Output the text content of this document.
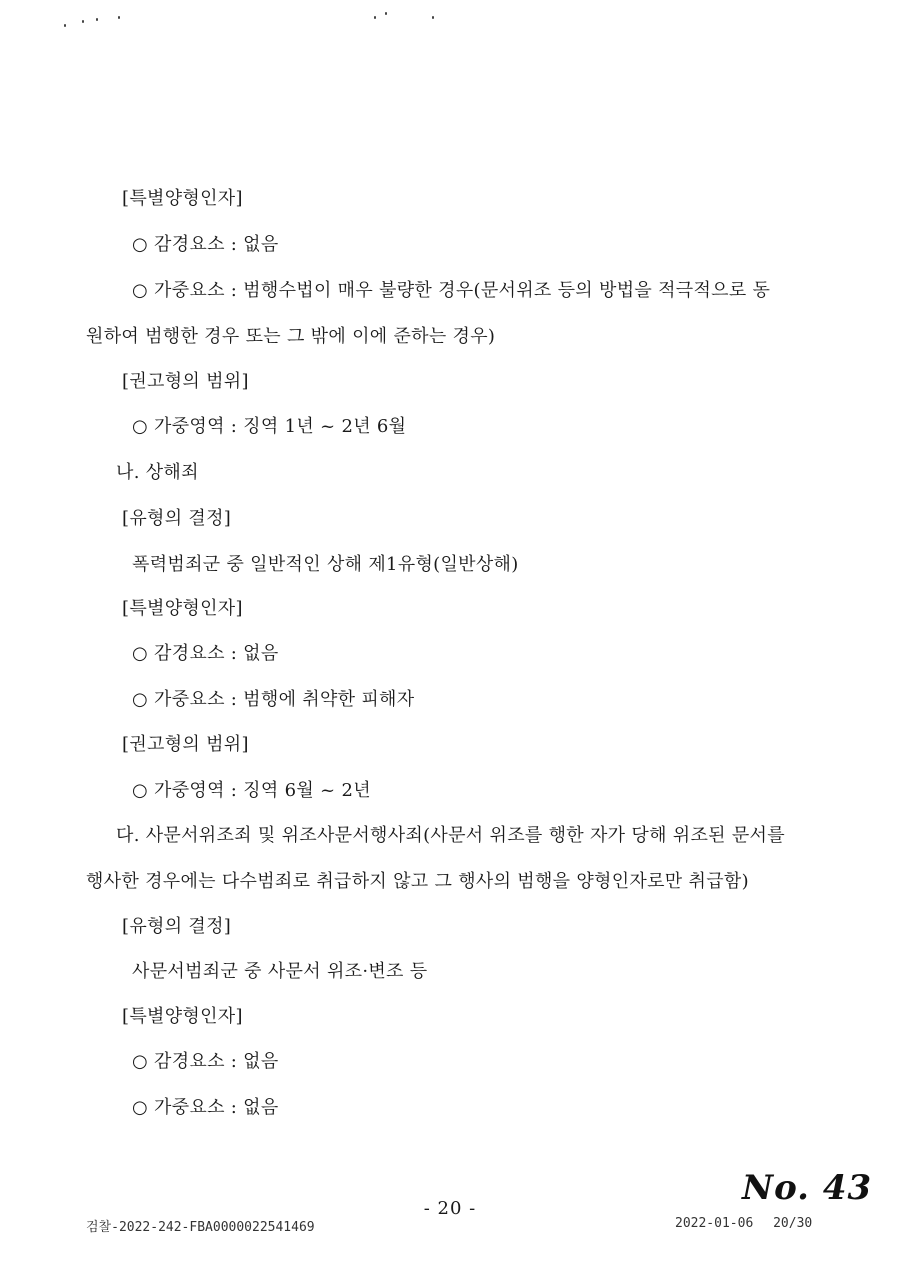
[특별양형인자]
○ 감경요소 : 없음
○ 가중요소 : 범행수법이 매우 불량한 경우(문서위조 등의 방법을 적극적으로 동
원하여 범행한 경우 또는 그 밖에 이에 준하는 경우)
[권고형의 범위]
○ 가중영역 : 징역 1년 ~ 2년 6월
나. 상해죄
[유형의 결정]
폭력범죄군 중 일반적인 상해 제1유형(일반상해)
[특별양형인자]
○ 감경요소 : 없음
○ 가중요소 : 범행에 취약한 피해자
[권고형의 범위]
○ 가중영역 : 징역 6월 ~ 2년
다. 사문서위조죄 및 위조사문서행사죄(사문서 위조를 행한 자가 당해 위조된 문서를
행사한 경우에는 다수범죄로 취급하지 않고 그 행사의 범행을 양형인자로만 취급함)
[유형의 결정]
사문서범죄군 중 사문서 위조·변조 등
[특별양형인자]
○ 감경요소 : 없음
○ 가중요소 : 없음
No. 43
- 20 -
검찰-2022-242-FBA0000022541469	2022-01-06 20/30
